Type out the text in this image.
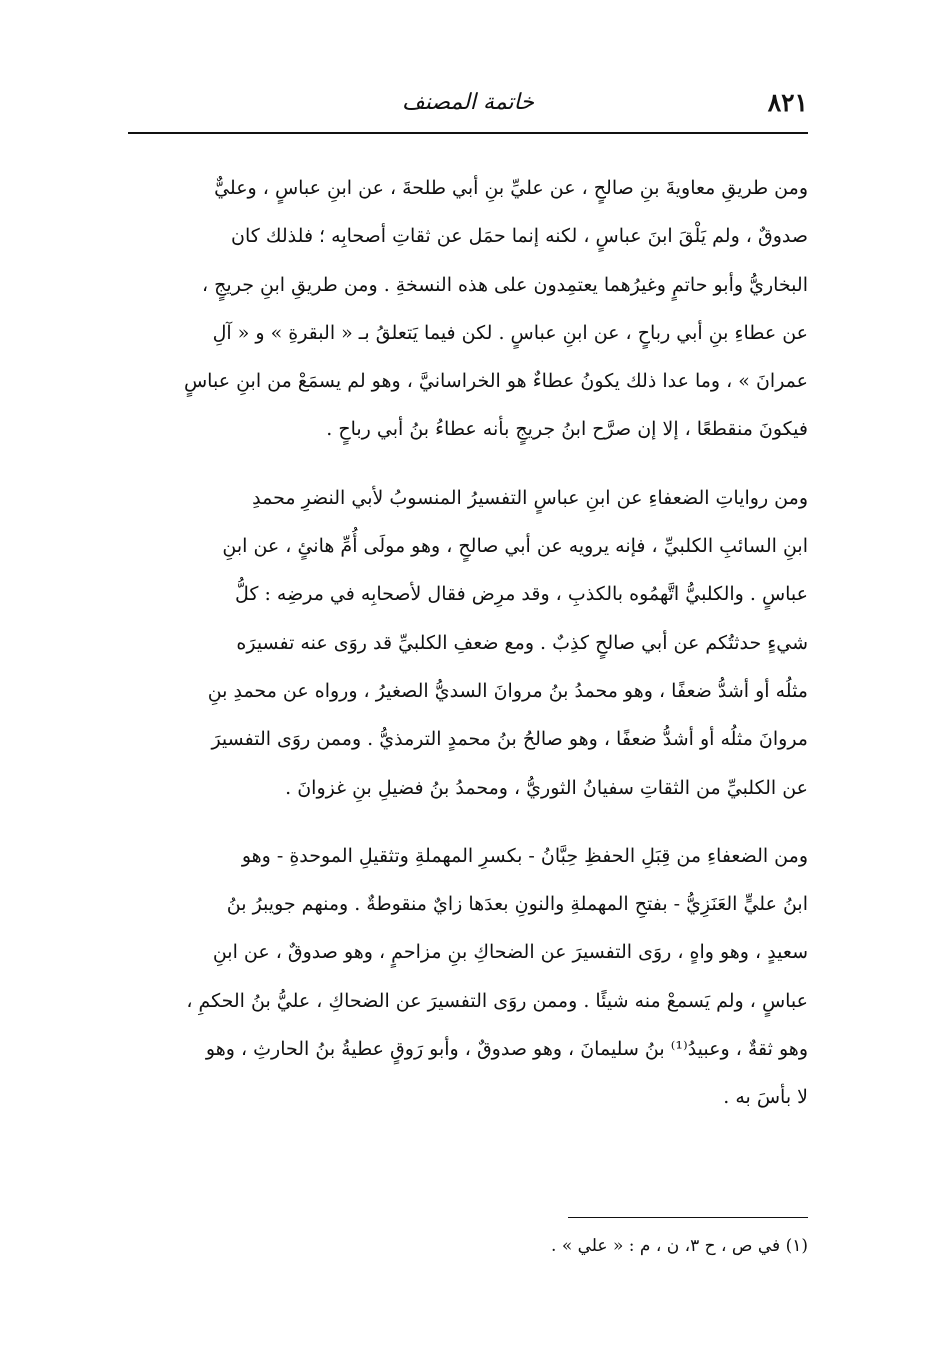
٨٢١
خاتمة المصنف

ومن طريقِ معاويةَ بنِ صالحٍ ، عن عليِّ بنِ أبي طلحةَ ، عن ابنِ عباسٍ ، وعليٌّ
صدوقٌ ، ولم يَلْقَ ابنَ عباسٍ ، لكنه إنما حمَل عن ثقاتِ أصحابِه ؛ فلذلك كان
البخاريُّ وأبو حاتمٍ وغيرُهما يعتمِدون على هذه النسخةِ . ومن طريقِ ابنِ جريجٍ ،
عن عطاءِ بنِ أبي رباحٍ ، عن ابنِ عباسٍ . لكن فيما يَتعلقُ بـ « البقرةِ » و « آلِ
عمرانَ » ، وما عدا ذلك يكونُ عطاءٌ هو الخراسانيَّ ، وهو لم يسمَعْ من ابنِ عباسٍ
فيكونَ منقطعًا ، إلا إن صرَّح ابنُ جريجٍ بأنه عطاءُ بنُ أبي رباحٍ .

ومن رواياتِ الضعفاءِ عن ابنِ عباسٍ التفسيرُ المنسوبُ لأبي النضرِ محمدِ
ابنِ السائبِ الكلبيِّ ، فإنه يرويه عن أبي صالحٍ ، وهو مولَى أُمِّ هانئٍ ، عن ابنِ
عباسٍ . والكلبيُّ اتَّهمُوه بالكذبِ ، وقد مرِض فقال لأصحابِه في مرضِه : كلُّ
شيءٍ حدثتُكم عن أبي صالحٍ كذِبٌ . ومع ضعفِ الكلبيِّ قد روَى عنه تفسيرَه
مثلُه أو أشدُّ ضعفًا ، وهو محمدُ بنُ مروانَ السديُّ الصغيرُ ، ورواه عن محمدِ بنِ
مروانَ مثلُه أو أشدُّ ضعفًا ، وهو صالحُ بنُ محمدٍ الترمذيُّ . وممن روَى التفسيرَ
عن الكلبيِّ من الثقاتِ سفيانُ الثوريُّ ، ومحمدُ بنُ فضيلِ بنِ غزوانَ .

ومن الضعفاءِ من قِبَلِ الحفظِ حِبَّانُ - بكسرِ المهملةِ وتثقيلِ الموحدةِ - وهو
ابنُ عليٍّ العَنَزِيُّ - بفتحِ المهملةِ والنونِ بعدَها زايٌ منقوطةٌ . ومنهم جويبرُ بنُ
سعيدٍ ، وهو واهٍ ، روَى التفسيرَ عن الضحاكِ بنِ مزاحمٍ ، وهو صدوقٌ ، عن ابنِ
عباسٍ ، ولم يَسمعْ منه شيئًا . وممن روَى التفسيرَ عن الضحاكِ ، عليُّ بنُ الحكمِ ،
وهو ثقةٌ ، وعبيدُ⁽¹⁾ بنُ سليمانَ ، وهو صدوقٌ ، وأبو رَوقٍ عطيةُ بنُ الحارثِ ، وهو
لا بأسَ به .

(١) في ص ، ح ٣، ن ، م : « علي » .
